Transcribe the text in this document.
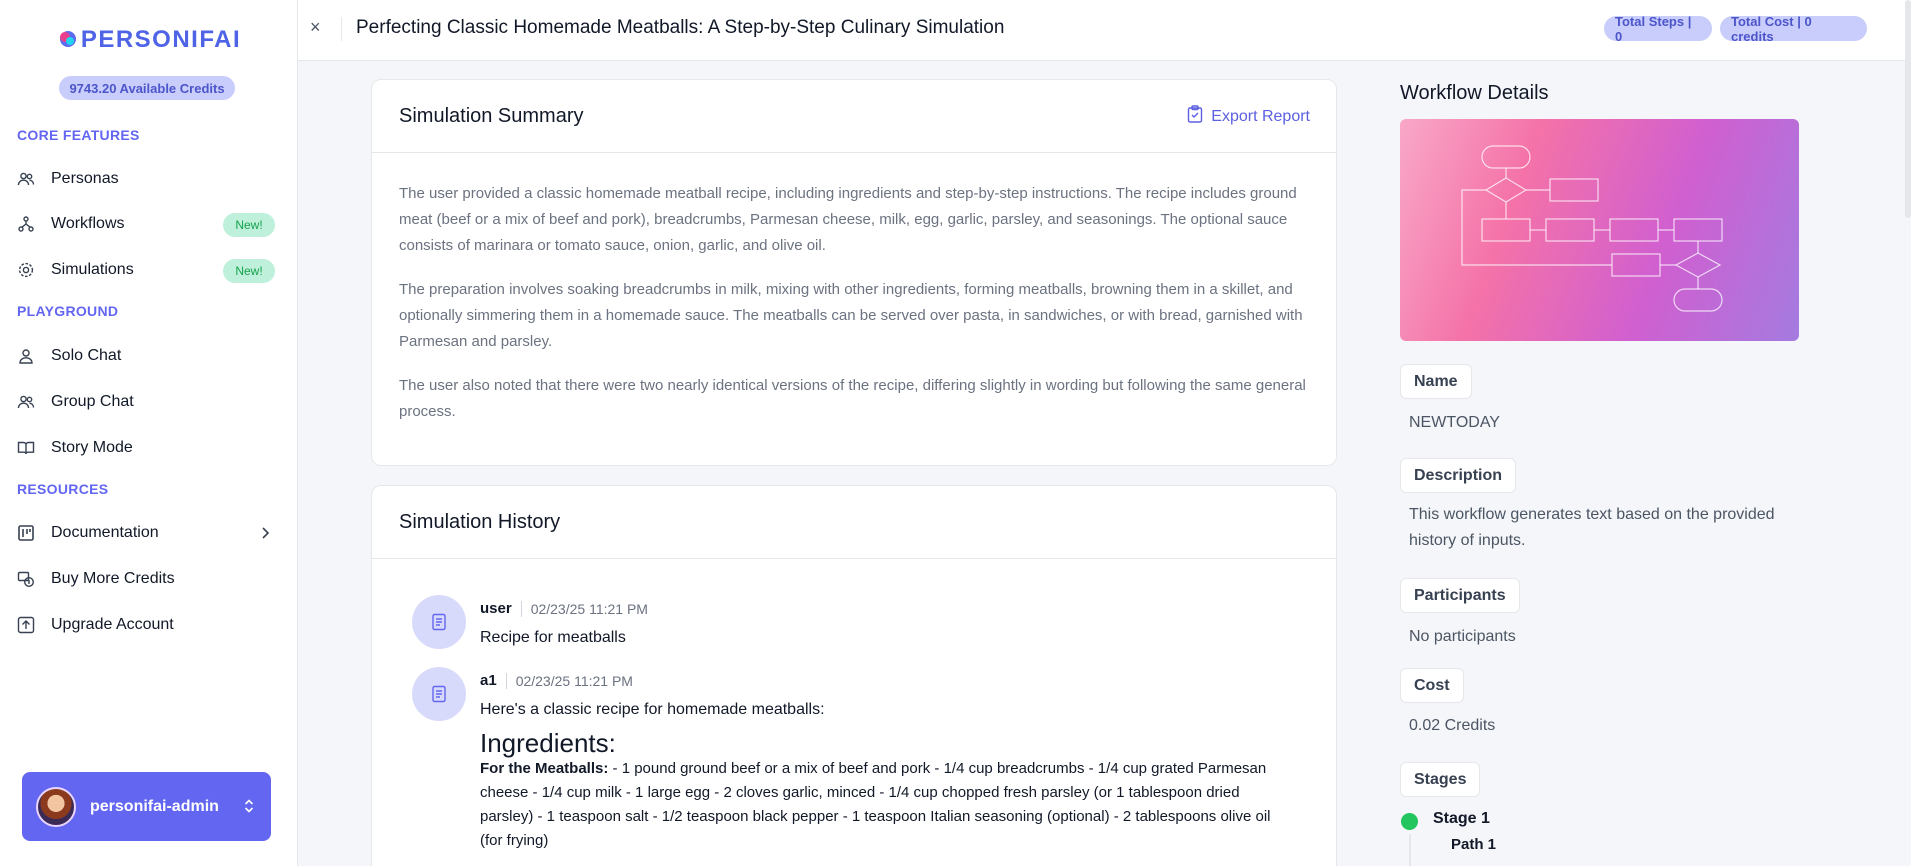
PERSONIFAI
9743.20 Available Credits
CORE FEATURES
Personas
Workflows	New!
Simulations	New!
PLAYGROUND
Solo Chat
Group Chat
Story Mode
RESOURCES
Documentation
Buy More Credits
Upgrade Account
personifai-admin
× Perfecting Classic Homemade Meatballs: A Step-by-Step Culinary Simulation	Total Steps | 0
Total Cost | 0 credits
Simulation Summary	Export Report

The user provided a classic homemade meatball recipe, including ingredients and step-by-step instructions. The recipe includes ground meat (beef or a mix of beef and pork), breadcrumbs, Parmesan cheese, milk, egg, garlic, parsley, and seasonings. The optional sauce consists of marinara or tomato sauce, onion, garlic, and olive oil.

The preparation involves soaking breadcrumbs in milk, mixing with other ingredients, forming meatballs, browning them in a skillet, and optionally simmering them in a homemade sauce. The meatballs can be served over pasta, in sandwiches, or with bread, garnished with Parmesan and parsley.

The user also noted that there were two nearly identical versions of the recipe, differing slightly in wording but following the same general process.

Simulation History
user 02/23/25 11:21 PM
Recipe for meatballs
a1 02/23/25 11:21 PM
Here's a classic recipe for homemade meatballs:
Ingredients:
For the Meatballs: - 1 pound ground beef or a mix of beef and pork - 1/4 cup breadcrumbs - 1/4 cup grated Parmesan cheese - 1/4 cup milk - 1 large egg - 2 cloves garlic, minced - 1/4 cup chopped fresh parsley (or 1 tablespoon dried parsley) - 1 teaspoon salt - 1/2 teaspoon black pepper - 1 teaspoon Italian seasoning (optional) - 2 tablespoons olive oil (for frying)
Workflow Details
Name
NEWTODAY
Description
This workflow generates text based on the provided history of inputs.
Participants
No participants
Cost
0.02 Credits
Stages
Stage 1
Path 1
